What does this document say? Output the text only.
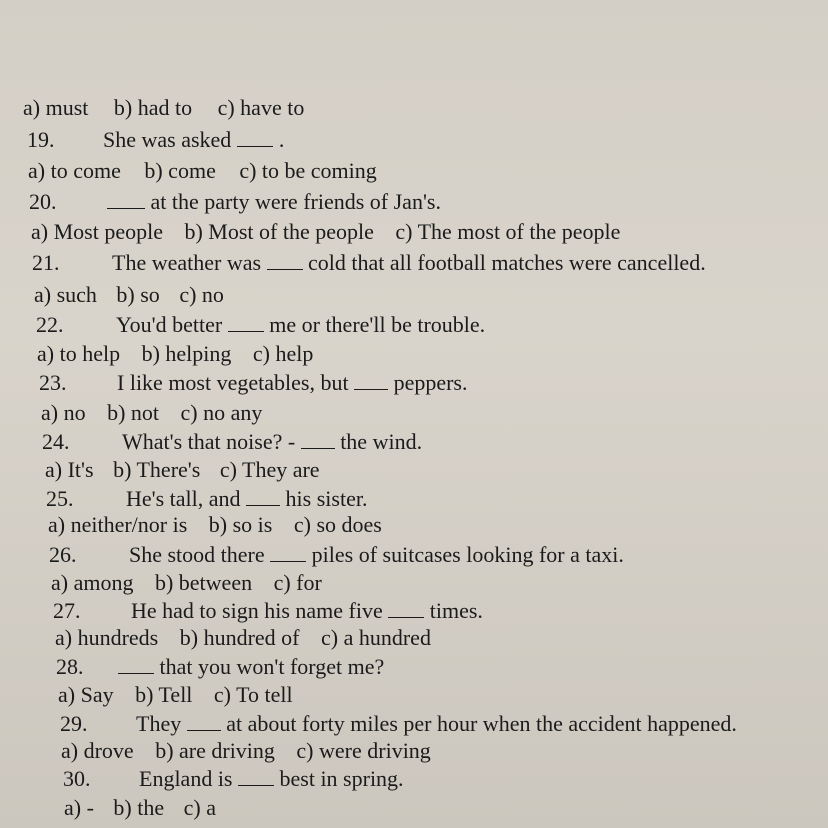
a) must b) had to c) have to
19. She was asked .
a) to come b) come c) to be coming
20.	at the party were friends of Jan's.
a) Most people b) Most of the people c) The most of the people
21. The weather was cold that all football matches were cancelled.
a) such b) so c) no
22. You'd better me or there'll be trouble.
a) to help b) helping c) help
23. I like most vegetables, but peppers.
a) no b) not c) no any
24. What's that noise? - the wind.
a) It's b) There's c) They are
25. He's tall, and his sister.
a) neither/nor is b) so is c) so does
26. She stood there piles of suitcases looking for a taxi.
a) among b) between c) for
27. He had to sign his name five times.
a) hundreds b) hundred of c) a hundred
28.	that you won't forget me?
a) Say b) Tell c) To tell
29. They at about forty miles per hour when the accident happened.
a) drove b) are driving c) were driving
30. England is best in spring.
a) - b) the c) a
